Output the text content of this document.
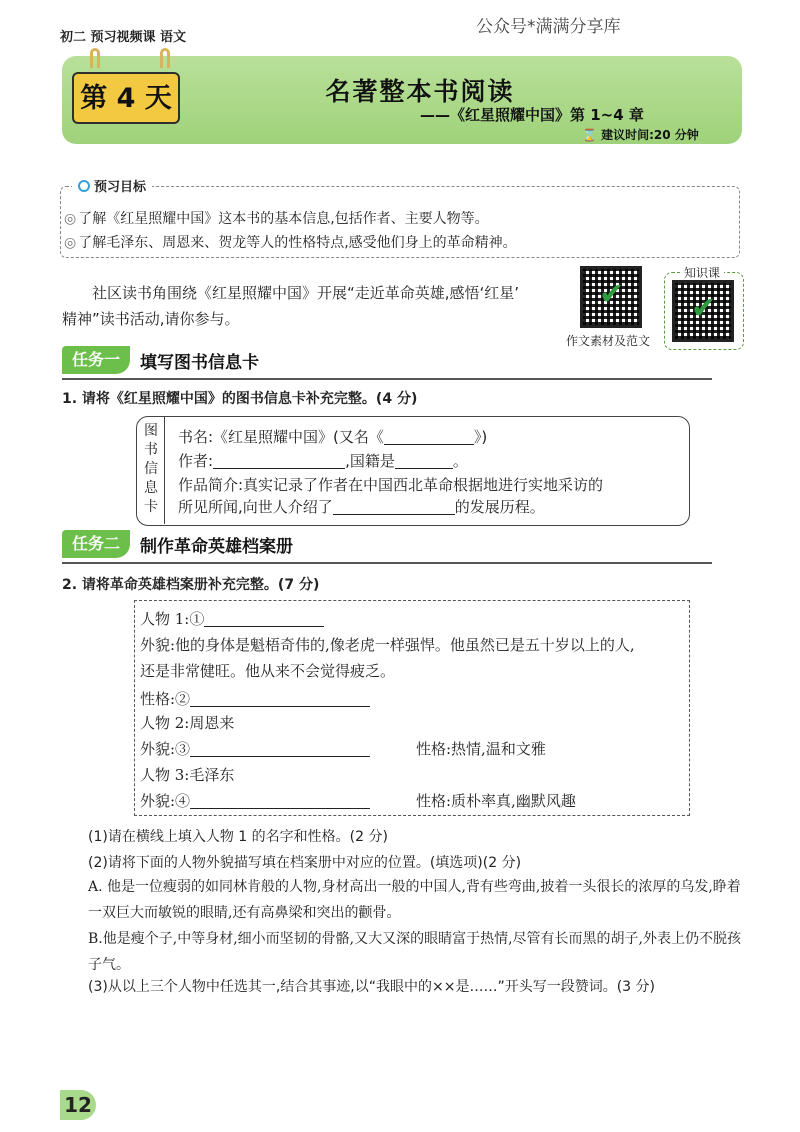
初二 预习视频课 语文
公众号*满满分享库
第 4 天	名著整本书阅读
——《红星照耀中国》第 1~4 章
⌛ 建议时间:20 分钟
预习目标
◎ 了解《红星照耀中国》这本书的基本信息,包括作者、主要人物等。
◎ 了解毛泽东、周恩来、贺龙等人的性格特点,感受他们身上的革命精神。
社区读书角围绕《红星照耀中国》开展“走近革命英雄,感悟‘红星’
精神”读书活动,请你参与。
✔
作文素材及范文
知识课
✔
任务一	填写图书信息卡
1. 请将《红星照耀中国》的图书信息卡补充完整。(4 分)
图书信息卡
书名:《红星照耀中国》(又名《	》)
作者:	,国籍是	。
作品简介:真实记录了作者在中国西北革命根据地进行实地采访的
所见所闻,向世人介绍了	的发展历程。
任务二	制作革命英雄档案册
2. 请将革命英雄档案册补充完整。(7 分)
人物 1:①
外貌:他的身体是魁梧奇伟的,像老虎一样强悍。他虽然已是五十岁以上的人,
还是非常健旺。他从来不会觉得疲乏。
性格:②
人物 2:周恩来
外貌:③	性格:热情,温和文雅
人物 3:毛泽东
外貌:④	性格:质朴率真,幽默风趣
(1)请在横线上填入人物 1 的名字和性格。(2 分)
(2)请将下面的人物外貌描写填在档案册中对应的位置。(填选项)(2 分)
A. 他是一位瘦弱的如同林肯般的人物,身材高出一般的中国人,背有些弯曲,披着一头很长的浓厚的乌发,睁着一双巨大而敏锐的眼睛,还有高鼻梁和突出的颧骨。
B.他是瘦个子,中等身材,细小而坚韧的骨骼,又大又深的眼睛富于热情,尽管有长而黑的胡子,外表上仍不脱孩子气。
(3)从以上三个人物中任选其一,结合其事迹,以“我眼中的××是……”开头写一段赞词。(3 分)
12
